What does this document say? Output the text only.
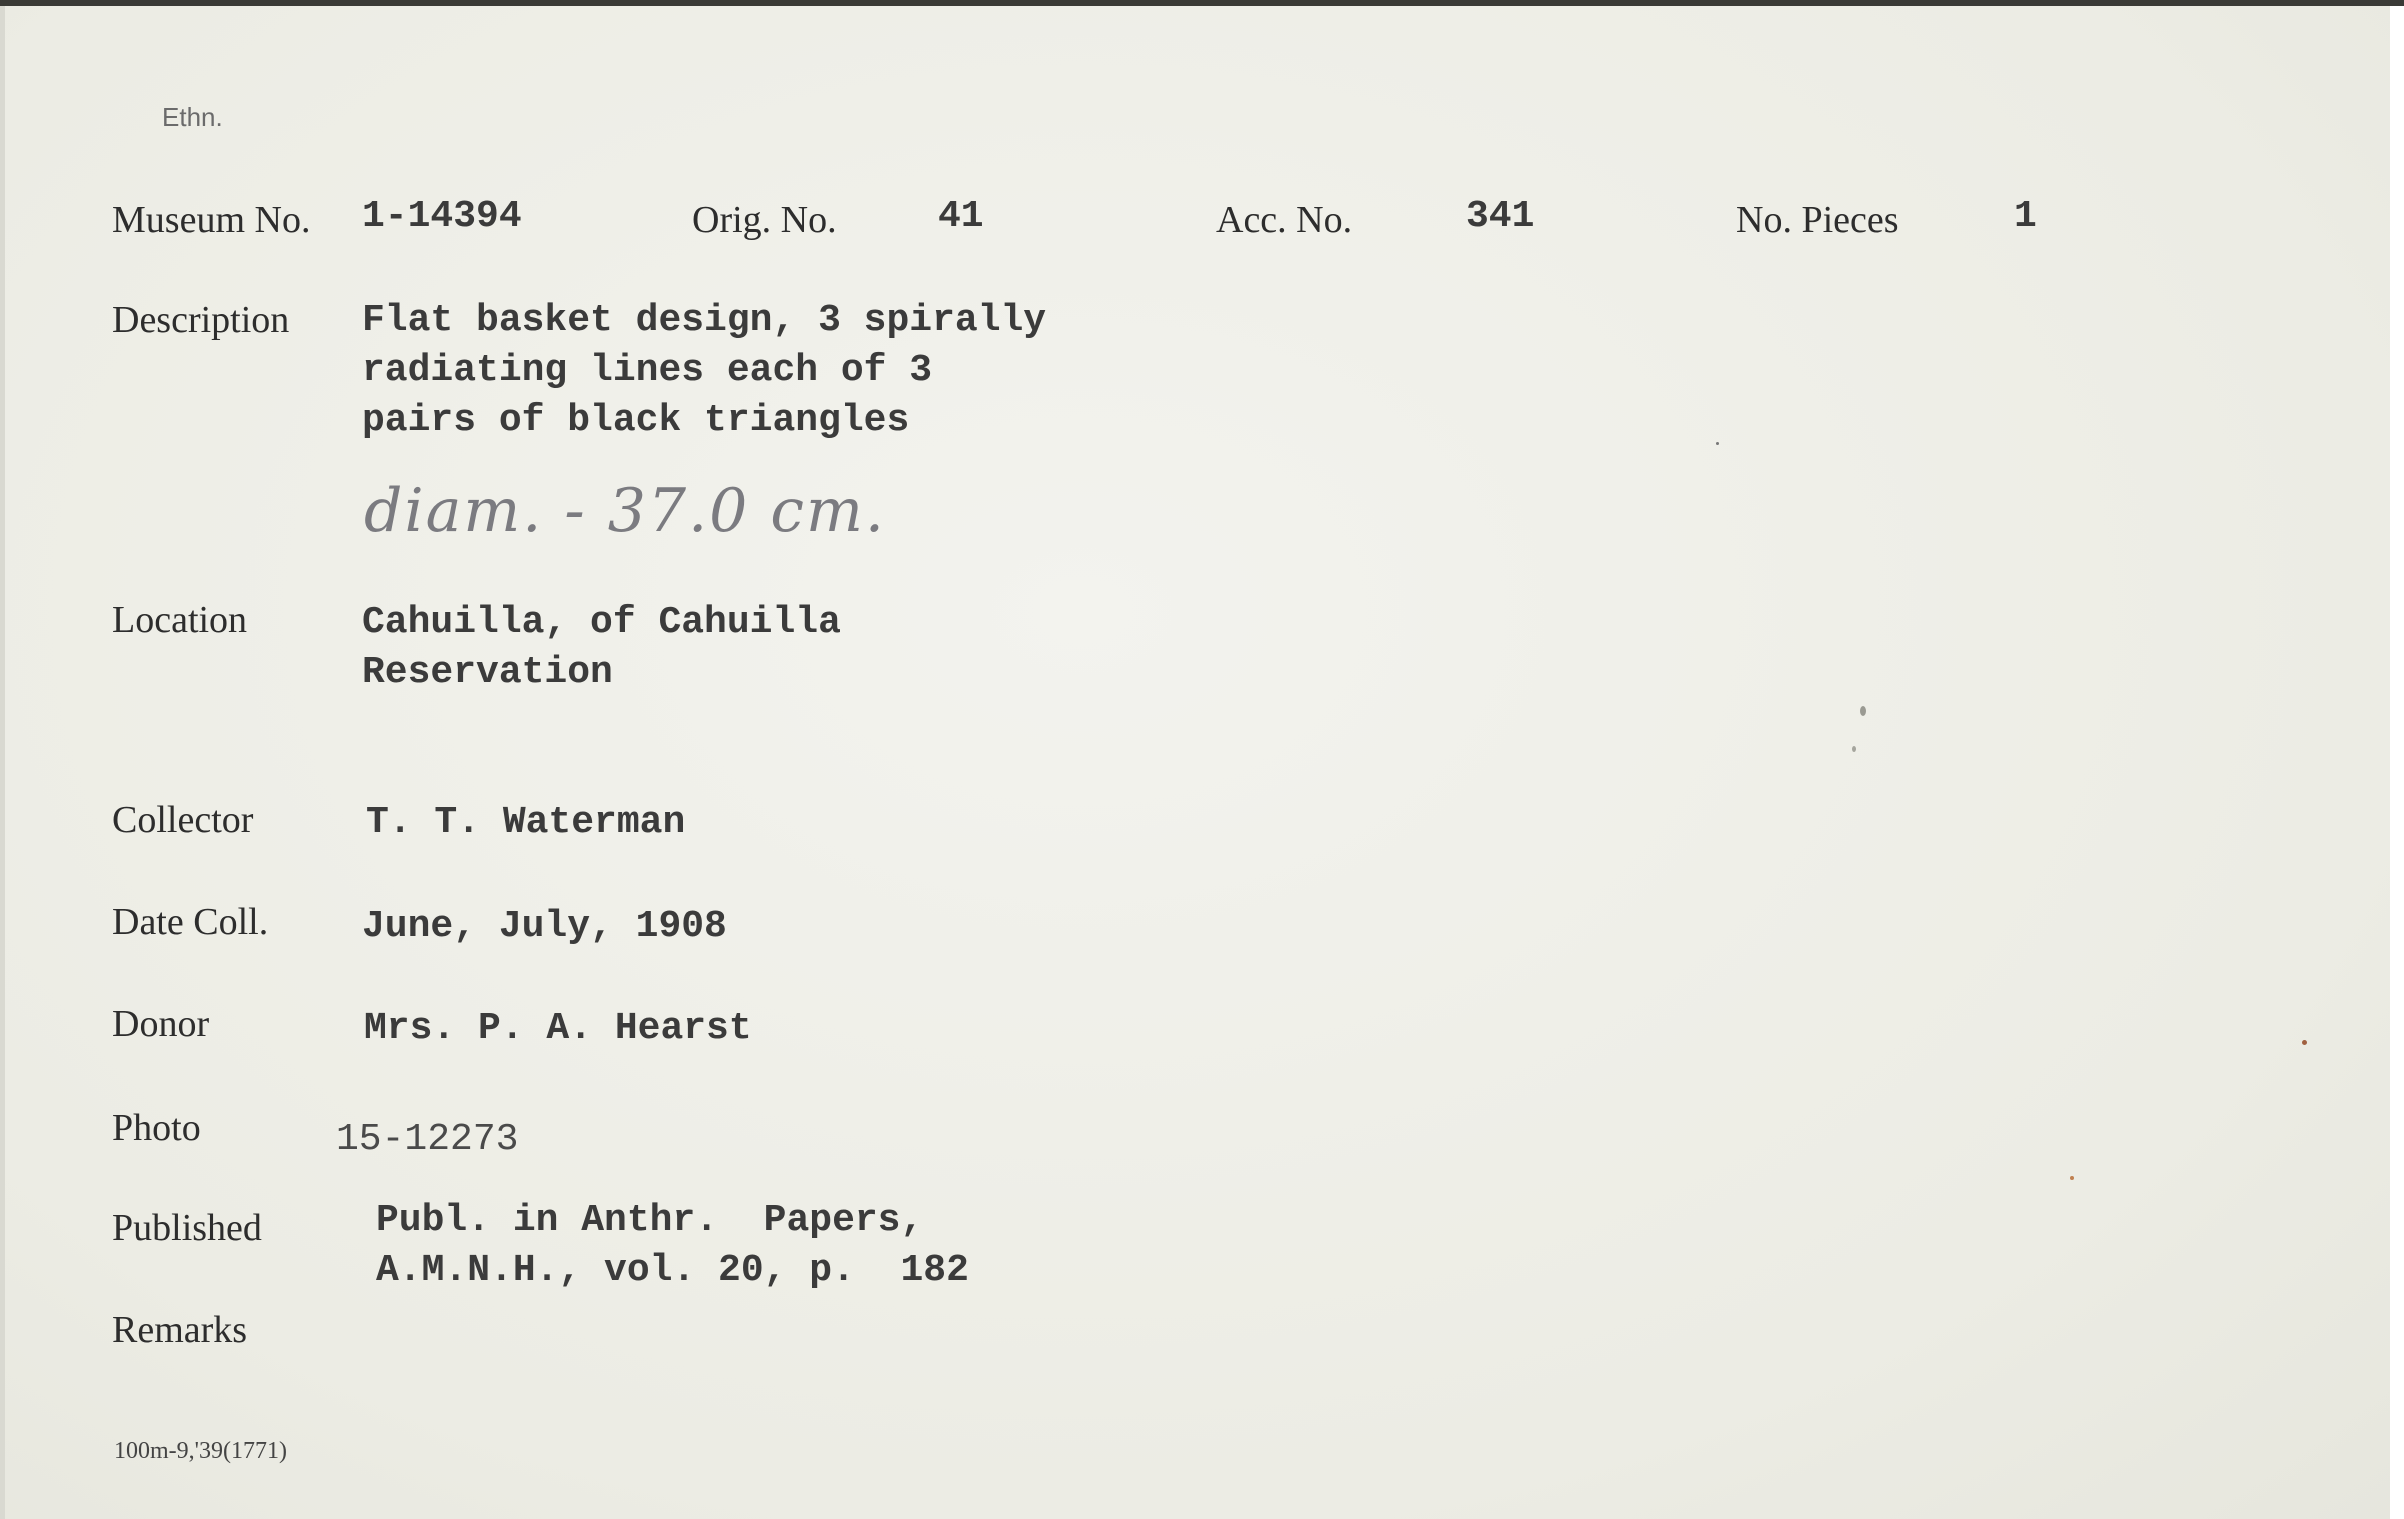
Ethn.
Museum No. 1-14394	Orig. No.	41	Acc. No.	341	No. Pieces	1
Description Flat basket design, 3 spirally
radiating lines each of 3
pairs of black triangles
diam. - 37.0 cm.
Location	Cahuilla, of Cahuilla
Reservation
Collector	T. T. Waterman
Date Coll. June, July, 1908
Donor	Mrs. P. A. Hearst
Photo	15-12273
Published	Publ. in Anthr.  Papers,
A.M.N.H., vol. 20, p.  182
Remarks
100m-9,'39(1771)
